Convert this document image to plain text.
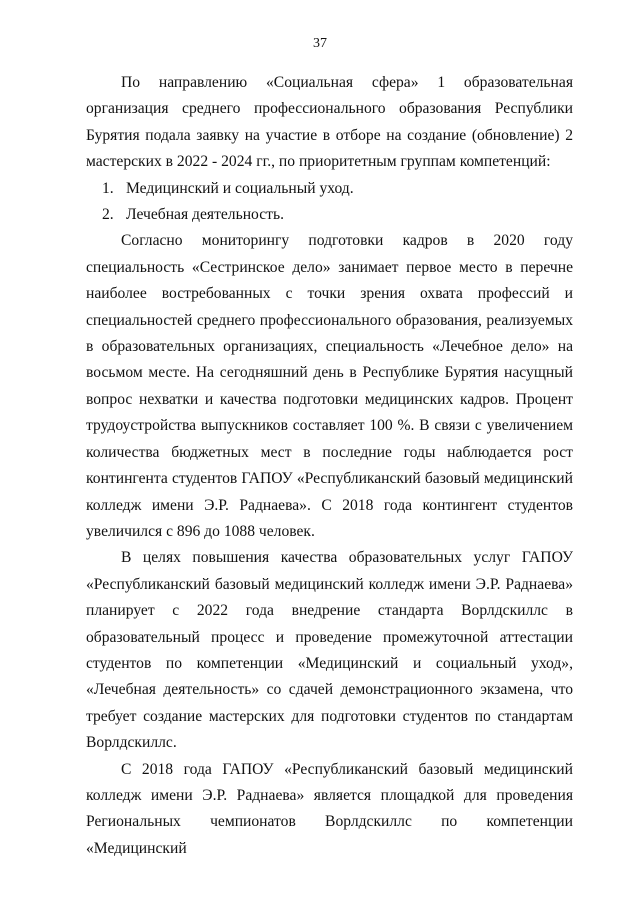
37

По направлению «Социальная сфера» 1 образовательная организация среднего профессионального образования Республики Бурятия подала заявку на участие в отборе на создание (обновление) 2 мастерских в 2022 - 2024 гг., по приоритетным группам компетенций:

1. Медицинский и социальный уход.
2. Лечебная деятельность.

Согласно мониторингу подготовки кадров в 2020 году специальность «Сестринское дело» занимает первое место в перечне наиболее востребованных с точки зрения охвата профессий и специальностей среднего профессионального образования, реализуемых в образовательных организациях, специальность «Лечебное дело» на восьмом месте. На сегодняшний день в Республике Бурятия насущный вопрос нехватки и качества подготовки медицинских кадров. Процент трудоустройства выпускников составляет 100 %. В связи с увеличением количества бюджетных мест в последние годы наблюдается рост контингента студентов ГАПОУ «Республиканский базовый медицинский колледж имени Э.Р. Раднаева». С 2018 года контингент студентов увеличился с 896 до 1088 человек.

В целях повышения качества образовательных услуг ГАПОУ «Республиканский базовый медицинский колледж имени Э.Р. Раднаева» планирует с 2022 года внедрение стандарта Ворлдскиллс в образовательный процесс и проведение промежуточной аттестации студентов по компетенции «Медицинский и социальный уход», «Лечебная деятельность» со сдачей демонстрационного экзамена, что требует создание мастерских для подготовки студентов по стандартам Ворлдскиллс.

С 2018 года ГАПОУ «Республиканский базовый медицинский колледж имени Э.Р. Раднаева» является площадкой для проведения Региональных чемпионатов Ворлдскиллс по компетенции «Медицинский
